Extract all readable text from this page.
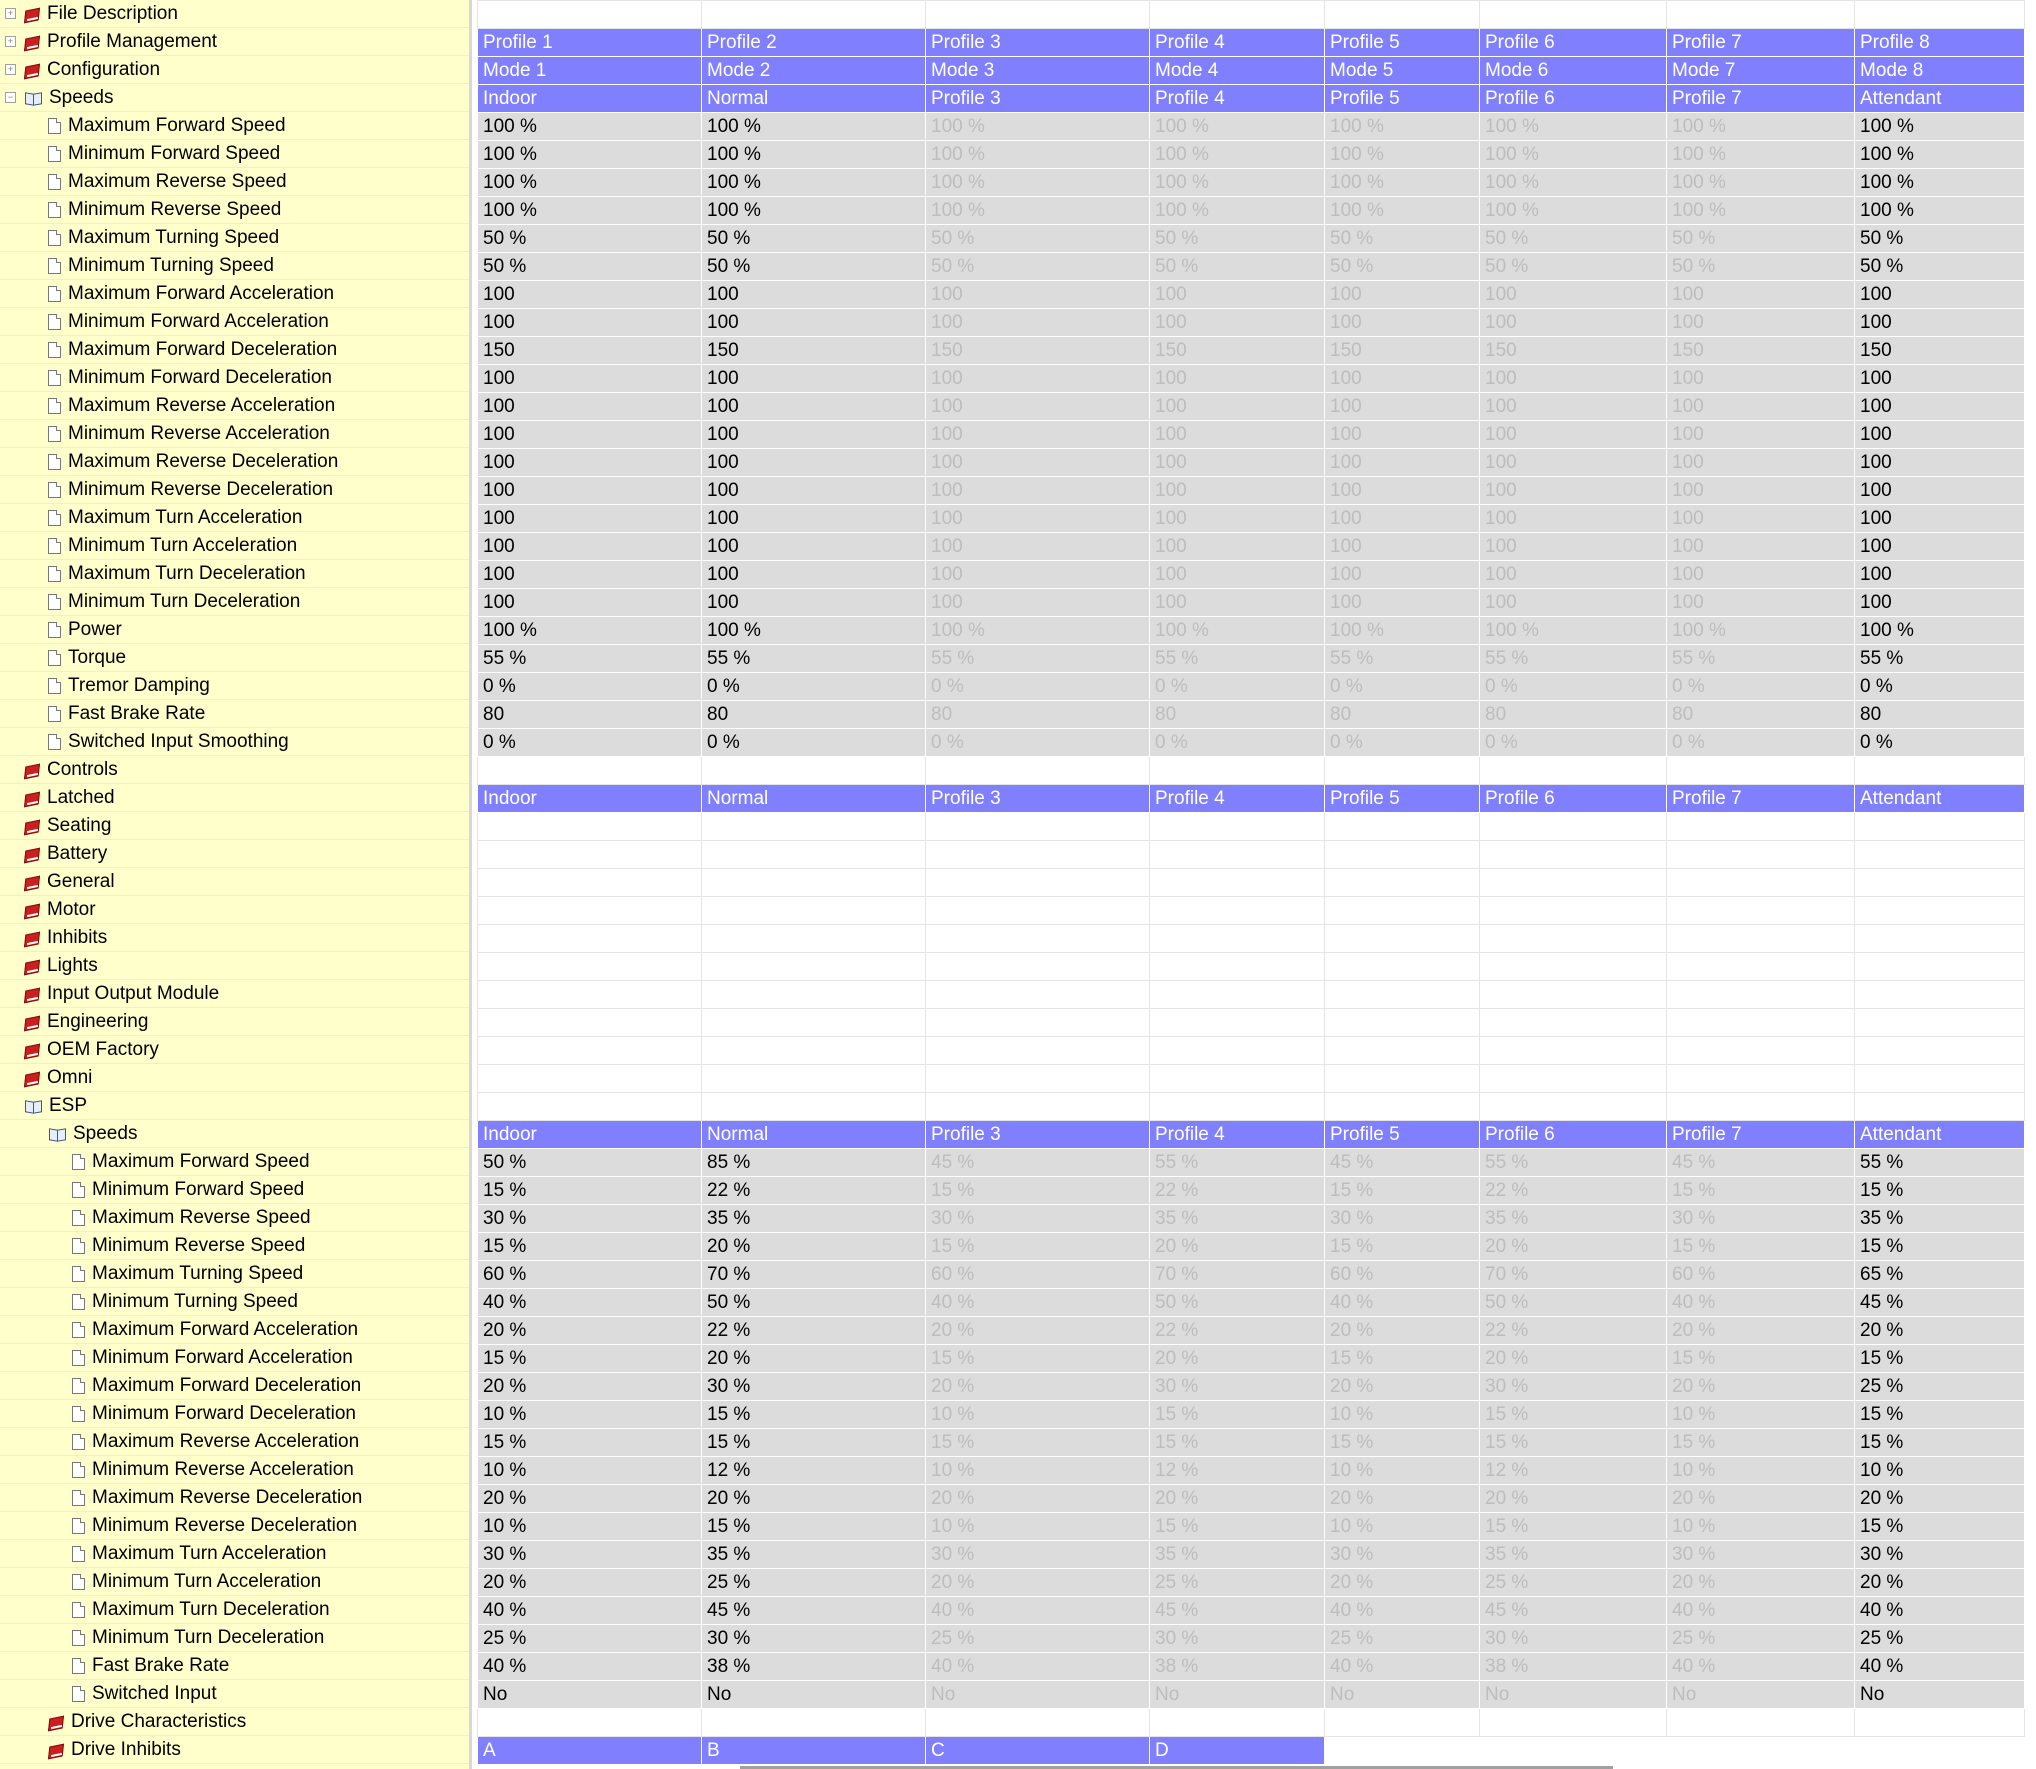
+ File Description
+ Profile Management
+ Configuration
− Speeds
Maximum Forward Speed
Minimum Forward Speed
Maximum Reverse Speed
Minimum Reverse Speed
Maximum Turning Speed
Minimum Turning Speed
Maximum Forward Acceleration
Minimum Forward Acceleration
Maximum Forward Deceleration
Minimum Forward Deceleration
Maximum Reverse Acceleration
Minimum Reverse Acceleration
Maximum Reverse Deceleration
Minimum Reverse Deceleration
Maximum Turn Acceleration
Minimum Turn Acceleration
Maximum Turn Deceleration
Minimum Turn Deceleration
Power
Torque
Tremor Damping
Fast Brake Rate
Switched Input Smoothing
Controls
Latched
Seating
Battery
General
Motor
Inhibits
Lights
Input Output Module
Engineering
OEM Factory
Omni
ESP
Speeds
Maximum Forward Speed
Minimum Forward Speed
Maximum Reverse Speed
Minimum Reverse Speed
Maximum Turning Speed
Minimum Turning Speed
Maximum Forward Acceleration
Minimum Forward Acceleration
Maximum Forward Deceleration
Minimum Forward Deceleration
Maximum Reverse Acceleration
Minimum Reverse Acceleration
Maximum Reverse Deceleration
Minimum Reverse Deceleration
Maximum Turn Acceleration
Minimum Turn Acceleration
Maximum Turn Deceleration
Minimum Turn Deceleration
Fast Brake Rate
Switched Input
Drive Characteristics
Drive Inhibits

Profile 1	Profile 2	Profile 3	Profile 4	Profile 5	Profile 6	Profile 7	Profile 8
Mode 1	Mode 2	Mode 3	Mode 4	Mode 5	Mode 6	Mode 7	Mode 8
Indoor	Normal	Profile 3	Profile 4	Profile 5	Profile 6	Profile 7	Attendant
100 %	100 %	100 %	100 %	100 %	100 %	100 %	100 %
100 %	100 %	100 %	100 %	100 %	100 %	100 %	100 %
100 %	100 %	100 %	100 %	100 %	100 %	100 %	100 %
100 %	100 %	100 %	100 %	100 %	100 %	100 %	100 %
50 %	50 %	50 %	50 %	50 %	50 %	50 %	50 %
50 %	50 %	50 %	50 %	50 %	50 %	50 %	50 %
100	100	100	100	100	100	100	100
100	100	100	100	100	100	100	100
150	150	150	150	150	150	150	150
100	100	100	100	100	100	100	100
100	100	100	100	100	100	100	100
100	100	100	100	100	100	100	100
100	100	100	100	100	100	100	100
100	100	100	100	100	100	100	100
100	100	100	100	100	100	100	100
100	100	100	100	100	100	100	100
100	100	100	100	100	100	100	100
100	100	100	100	100	100	100	100
100 %	100 %	100 %	100 %	100 %	100 %	100 %	100 %
55 %	55 %	55 %	55 %	55 %	55 %	55 %	55 %
0 %	0 %	0 %	0 %	0 %	0 %	0 %	0 %
80	80	80	80	80	80	80	80
0 %	0 %	0 %	0 %	0 %	0 %	0 %	0 %

Indoor	Normal	Profile 3	Profile 4	Profile 5	Profile 6	Profile 7	Attendant

Indoor	Normal	Profile 3	Profile 4	Profile 5	Profile 6	Profile 7	Attendant
50 %	85 %	45 %	55 %	45 %	55 %	45 %	55 %
15 %	22 %	15 %	22 %	15 %	22 %	15 %	15 %
30 %	35 %	30 %	35 %	30 %	35 %	30 %	35 %
15 %	20 %	15 %	20 %	15 %	20 %	15 %	15 %
60 %	70 %	60 %	70 %	60 %	70 %	60 %	65 %
40 %	50 %	40 %	50 %	40 %	50 %	40 %	45 %
20 %	22 %	20 %	22 %	20 %	22 %	20 %	20 %
15 %	20 %	15 %	20 %	15 %	20 %	15 %	15 %
20 %	30 %	20 %	30 %	20 %	30 %	20 %	25 %
10 %	15 %	10 %	15 %	10 %	15 %	10 %	15 %
15 %	15 %	15 %	15 %	15 %	15 %	15 %	15 %
10 %	12 %	10 %	12 %	10 %	12 %	10 %	10 %
20 %	20 %	20 %	20 %	20 %	20 %	20 %	20 %
10 %	15 %	10 %	15 %	10 %	15 %	10 %	15 %
30 %	35 %	30 %	35 %	30 %	35 %	30 %	30 %
20 %	25 %	20 %	25 %	20 %	25 %	20 %	20 %
40 %	45 %	40 %	45 %	40 %	45 %	40 %	40 %
25 %	30 %	25 %	30 %	25 %	30 %	25 %	25 %
40 %	38 %	40 %	38 %	40 %	38 %	40 %	40 %
No	No	No	No	No	No	No	No

A	B	C	D				
